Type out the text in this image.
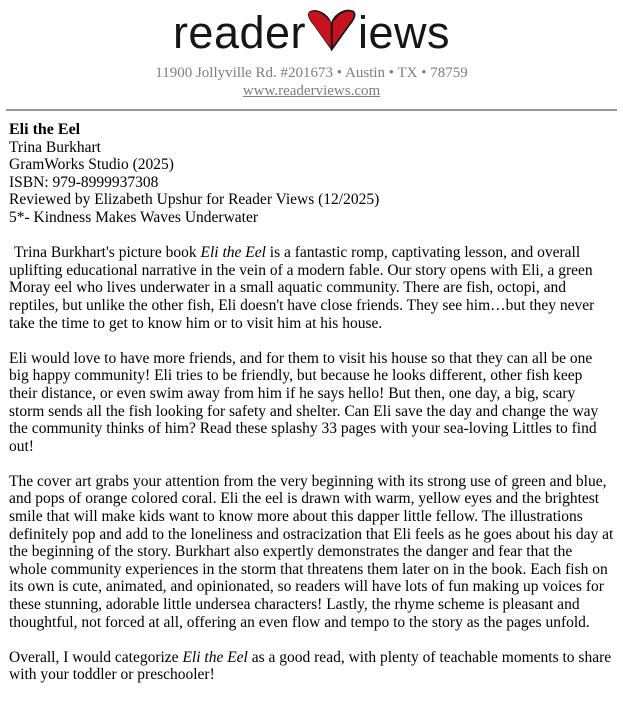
reader iews
11900 Jollyville Rd. #201673 • Austin • TX • 78759
www.readerviews.com
Eli the Eel
Trina Burkhart
GramWorks Studio (2025)
ISBN: 979-8999937308
Reviewed by Elizabeth Upshur for Reader Views (12/2025)
5*- Kindness Makes Waves Underwater

Trina Burkhart's picture book Eli the Eel is a fantastic romp, captivating lesson, and overall uplifting educational narrative in the vein of a modern fable. Our story opens with Eli, a green Moray eel who lives underwater in a small aquatic community. There are fish, octopi, and reptiles, but unlike the other fish, Eli doesn't have close friends. They see him…but they never take the time to get to know him or to visit him at his house.

Eli would love to have more friends, and for them to visit his house so that they can all be one big happy community! Eli tries to be friendly, but because he looks different, other fish keep their distance, or even swim away from him if he says hello! But then, one day, a big, scary storm sends all the fish looking for safety and shelter. Can Eli save the day and change the way the community thinks of him? Read these splashy 33 pages with your sea-loving Littles to find out!

The cover art grabs your attention from the very beginning with its strong use of green and blue, and pops of orange colored coral. Eli the eel is drawn with warm, yellow eyes and the brightest smile that will make kids want to know more about this dapper little fellow. The illustrations definitely pop and add to the loneliness and ostracization that Eli feels as he goes about his day at the beginning of the story. Burkhart also expertly demonstrates the danger and fear that the whole community experiences in the storm that threatens them later on in the book. Each fish on its own is cute, animated, and opinionated, so readers will have lots of fun making up voices for these stunning, adorable little undersea characters! Lastly, the rhyme scheme is pleasant and thoughtful, not forced at all, offering an even flow and tempo to the story as the pages unfold.

Overall, I would categorize Eli the Eel as a good read, with plenty of teachable moments to share with your toddler or preschooler!
